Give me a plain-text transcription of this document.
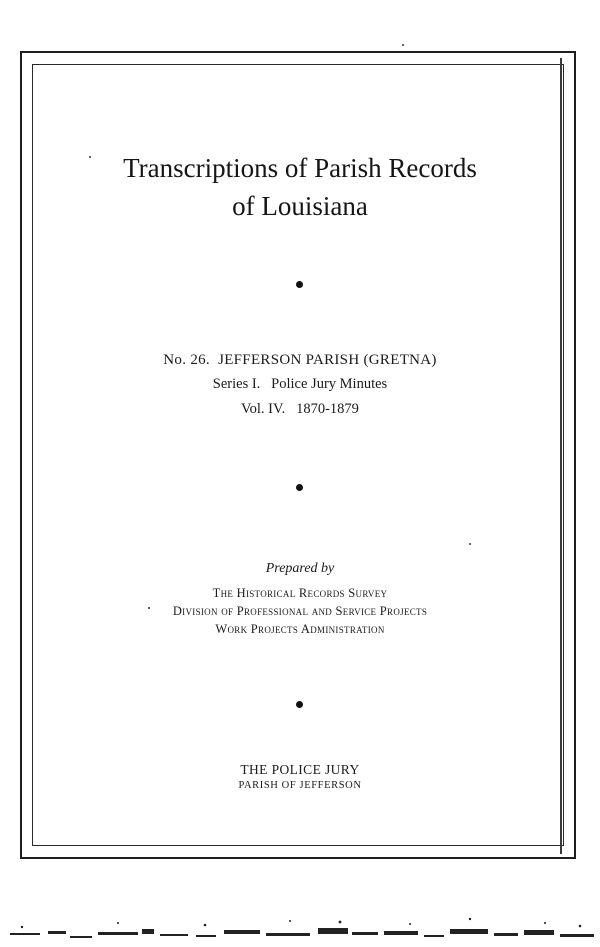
Transcriptions of Parish Records
of Louisiana
No. 26.  JEFFERSON PARISH (GRETNA)
Series I.   Police Jury Minutes
Vol. IV.   1870-1879
Prepared by
The Historical Records Survey
Division of Professional and Service Projects
Work Projects Administration
THE POLICE JURY
PARISH OF JEFFERSON
